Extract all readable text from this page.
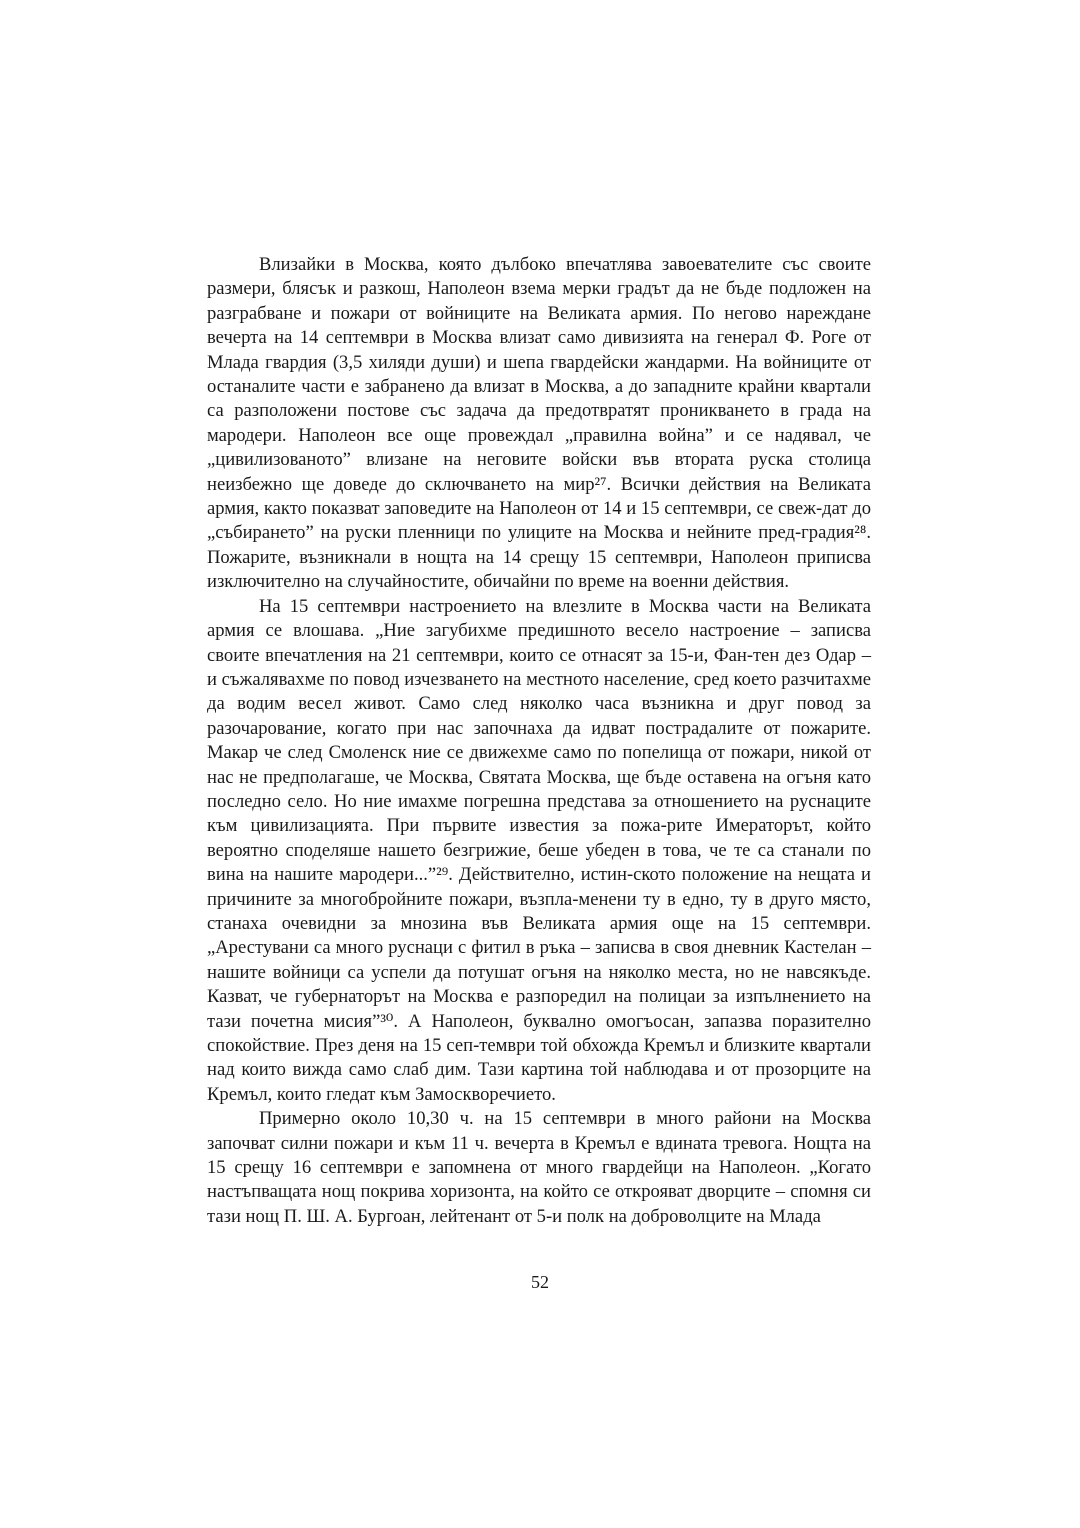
Влизайки в Москва, която дълбоко впечатлява завоевателите със своите размери, блясък и разкош, Наполеон взема мерки градът да не бъде подложен на разграбване и пожари от войниците на Великата армия. По негово нареждане вечерта на 14 септември в Москва влизат само дивизията на генерал Ф. Роге от Млада гвардия (3,5 хиляди души) и шепа гвардейски жандарми. На войниците от останалите части е забранено да влизат в Москва, а до западните крайни квартали са разположени постове със задача да предотвратят проникването в града на мародери. Наполеон все още провеждал „правилна война” и се надявал, че „цивилизованото” влизане на неговите войски във втората руска столица неизбежно ще доведе до сключването на мир²⁷. Всички действия на Великата армия, както показват заповедите на Наполеон от 14 и 15 септември, се свеж-дат до „събирането” на руски пленници по улиците на Москва и нейните пред-градия²⁸. Пожарите, възникнали в нощта на 14 срещу 15 септември, Наполеон приписва изключително на случайностите, обичайни по време на военни действия.

На 15 септември настроението на влезлите в Москва части на Великата армия се влошава. „Ние загубихме предишното весело настроение – записва своите впечатления на 21 септември, които се отнасят за 15-и, Фан-тен дез Одар – и съжалявахме по повод изчезването на местното население, сред което разчитахме да водим весел живот. Само след няколко часа възникна и друг повод за разочарование, когато при нас започнаха да идват пострадалите от пожарите. Макар че след Смоленск ние се движехме само по попелища от пожари, никой от нас не предполагаше, че Москва, Святата Москва, ще бъде оставена на огъня като последно село. Но ние имахме погрешна представа за отношението на руснаците към цивилизацията. При първите известия за пожа-рите Имераторът, който вероятно споделяше нашето безгрижие, беше убеден в това, че те са станали по вина на нашите мародери...”²⁹. Действително, истин-ското положение на нещата и причините за многобройните пожари, възпла-менени ту в едно, ту в друго място, станаха очевидни за мнозина във Великата армия още на 15 септември. „Арестувани са много руснаци с фитил в ръка – записва в своя дневник Кастелан – нашите войници са успели да потушат огъня на няколко места, но не навсякъде. Казват, че губернаторът на Москва е разпоредил на полицаи за изпълнението на тази почетна мисия”³⁰. А Наполеон, буквално омогъосан, запазва поразително спокойствие. През деня на 15 сеп-тември той обхожда Кремъл и близките квартали над които вижда само слаб дим. Тази картина той наблюдава и от прозорците на Кремъл, които гледат към Замоскворечието.

Примерно около 10,30 ч. на 15 септември в много райони на Москва започват силни пожари и към 11 ч. вечерта в Кремъл е вдината тревога. Нощта на 15 срещу 16 септември е запомнена от много гвардейци на Наполеон. „Когато настъпващата нощ покрива хоризонта, на който се открояват дворците – спомня си тази нощ П. Ш. А. Бургоан, лейтенант от 5-и полк на доброволците на Млада

52
